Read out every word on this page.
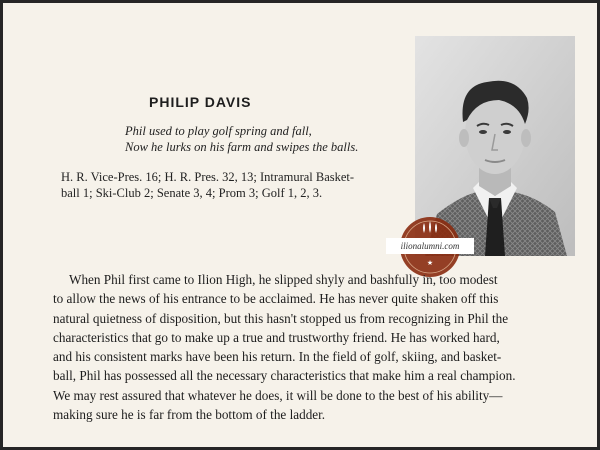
PHILIP DAVIS
Phil used to play golf spring and fall,
Now he lurks on his farm and swipes the balls.
H. R. Vice-Pres. 16; H. R. Pres. 32, 13; Intramural Basket-
ball 1; Ski-Club 2; Senate 3, 4; Prom 3; Golf 1, 2, 3.
★
ilionalumni.com
When Phil first came to Ilion High, he slipped shyly and bashfully in, too modest
to allow the news of his entrance to be acclaimed. He has never quite shaken off this
natural quietness of disposition, but this hasn't stopped us from recognizing in Phil the
characteristics that go to make up a true and trustworthy friend. He has worked hard,
and his consistent marks have been his return. In the field of golf, skiing, and basket-
ball, Phil has possessed all the necessary characteristics that make him a real champion.
We may rest assured that whatever he does, it will be done to the best of his ability—
making sure he is far from the bottom of the ladder.
